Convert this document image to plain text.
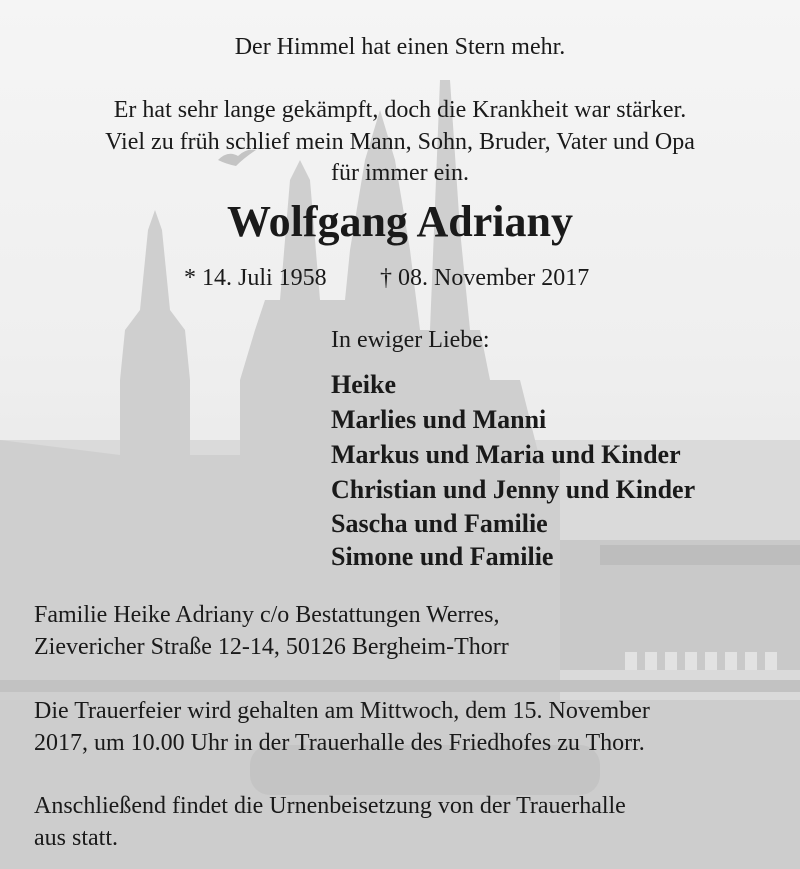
Der Himmel hat einen Stern mehr.
Er hat sehr lange gekämpft, doch die Krankheit war stärker.
Viel zu früh schlief mein Mann, Sohn, Bruder, Vater und Opa
für immer ein.
Wolfgang Adriany
* 14. Juli 1958 † 08. November 2017
In ewiger Liebe:
Heike
Marlies und Manni
Markus und Maria und Kinder
Christian und Jenny und Kinder
Sascha und Familie
Simone und Familie
Familie Heike Adriany c/o Bestattungen Werres,
Zievericher Straße 12-14, 50126 Bergheim-Thorr
Die Trauerfeier wird gehalten am Mittwoch, dem 15. November
2017, um 10.00 Uhr in der Trauerhalle des Friedhofes zu Thorr.
Anschließend findet die Urnenbeisetzung von der Trauerhalle
aus statt.
